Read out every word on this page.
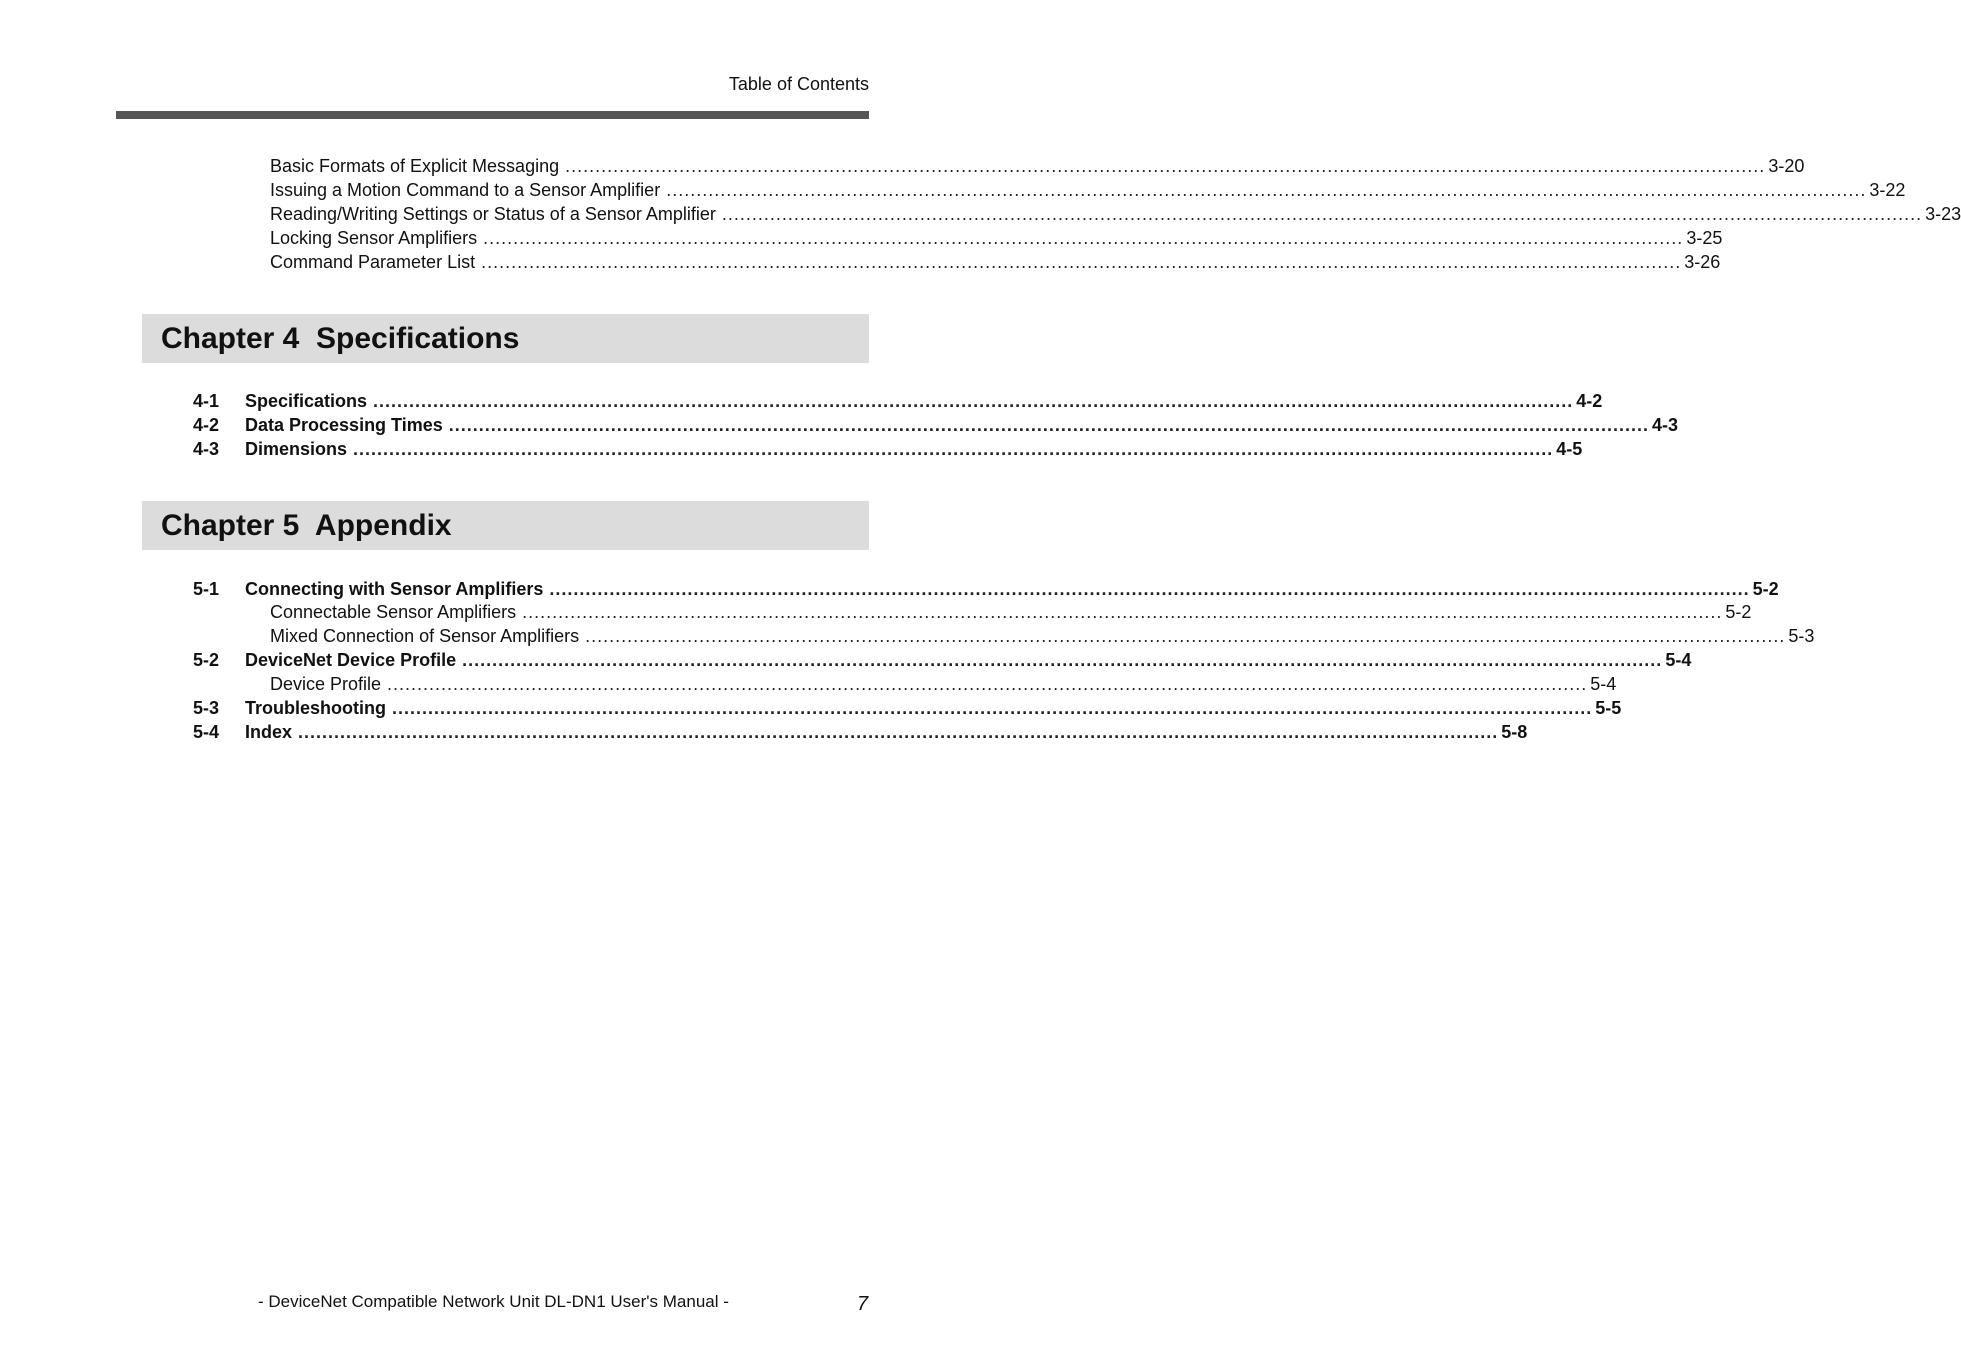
Table of Contents
Basic Formats of Explicit Messaging ........................................................................................................................................................................................................ 3-20
Issuing a Motion Command to a Sensor Amplifier ........................................................................................................................................................................................................ 3-22
Reading/Writing Settings or Status of a Sensor Amplifier ........................................................................................................................................................................................................ 3-23
Locking Sensor Amplifiers ........................................................................................................................................................................................................ 3-25
Command Parameter List ........................................................................................................................................................................................................ 3-26
Chapter 4  Specifications
4-1	Specifications ........................................................................................................................................................................................................ 4-2
4-2	Data Processing Times ........................................................................................................................................................................................................ 4-3
4-3	Dimensions ........................................................................................................................................................................................................ 4-5
Chapter 5  Appendix
5-1	Connecting with Sensor Amplifiers ........................................................................................................................................................................................................ 5-2
Connectable Sensor Amplifiers ........................................................................................................................................................................................................ 5-2
Mixed Connection of Sensor Amplifiers ........................................................................................................................................................................................................ 5-3
5-2	DeviceNet Device Profile ........................................................................................................................................................................................................ 5-4
Device Profile ........................................................................................................................................................................................................ 5-4
5-3	Troubleshooting ........................................................................................................................................................................................................ 5-5
5-4	Index ........................................................................................................................................................................................................ 5-8
- DeviceNet Compatible Network Unit DL-DN1 User's Manual -	7
